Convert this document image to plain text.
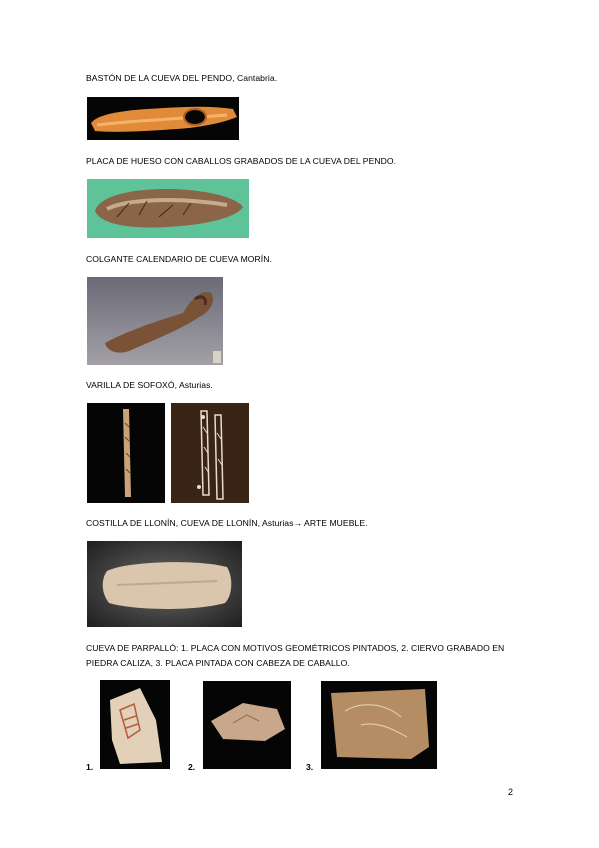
BASTÓN DE LA CUEVA DEL PENDO, Cantabria.
PLACA DE HUESO CON CABALLOS GRABADOS DE LA CUEVA DEL PENDO.
COLGANTE CALENDARIO DE CUEVA MORÍN.
VARILLA DE SOFOXÓ, Asturias.
COSTILLA DE LLONÍN, CUEVA DE LLONÍN, Asturias→ ARTE MUEBLE.
CUEVA DE PARPALLÓ: 1. PLACA CON MOTIVOS GEOMÉTRICOS PINTADOS, 2. CIERVO GRABADO EN PIEDRA CALIZA, 3. PLACA PINTADA CON CABEZA DE CABALLO.
1.	2.	3.
2
